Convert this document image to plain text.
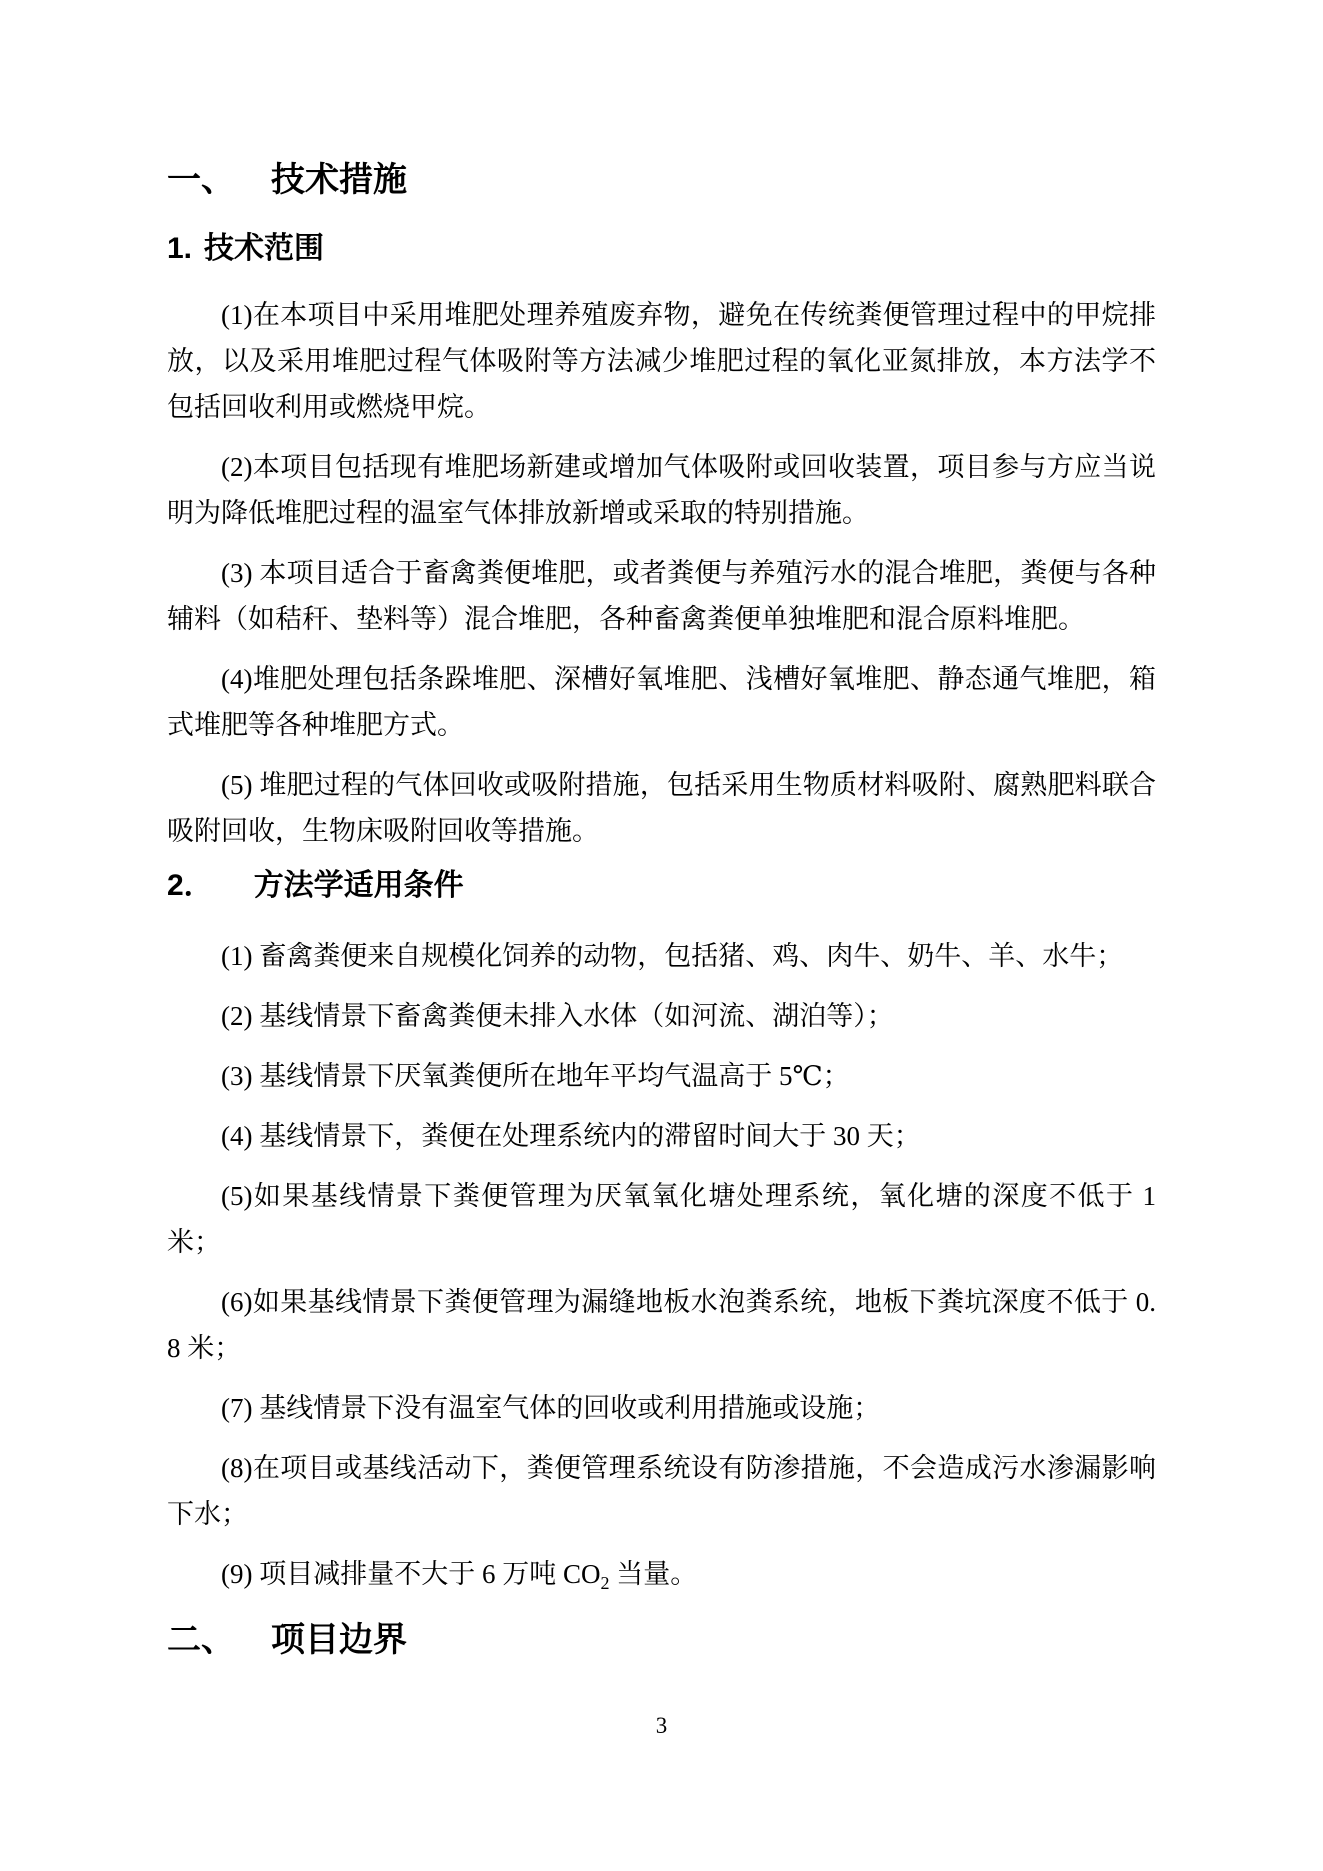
一、 技术措施
1. 技术范围

(1)在本项目中采用堆肥处理养殖废弃物，避免在传统粪便管理过程中的甲烷排放，以及采用堆肥过程气体吸附等方法减少堆肥过程的氧化亚氮排放，本方法学不包括回收利用或燃烧甲烷。

(2)本项目包括现有堆肥场新建或增加气体吸附或回收装置，项目参与方应当说明为降低堆肥过程的温室气体排放新增或采取的特别措施。

(3) 本项目适合于畜禽粪便堆肥，或者粪便与养殖污水的混合堆肥，粪便与各种辅料（如秸秆、垫料等）混合堆肥，各种畜禽粪便单独堆肥和混合原料堆肥。

(4)堆肥处理包括条跺堆肥、深槽好氧堆肥、浅槽好氧堆肥、静态通气堆肥，箱式堆肥等各种堆肥方式。

(5) 堆肥过程的气体回收或吸附措施，包括采用生物质材料吸附、腐熟肥料联合吸附回收，生物床吸附回收等措施。

2． 方法学适用条件

(1) 畜禽粪便来自规模化饲养的动物，包括猪、鸡、肉牛、奶牛、羊、水牛；

(2) 基线情景下畜禽粪便未排入水体（如河流、湖泊等）；

(3) 基线情景下厌氧粪便所在地年平均气温高于 5℃；

(4) 基线情景下，粪便在处理系统内的滞留时间大于 30 天；

(5)如果基线情景下粪便管理为厌氧氧化塘处理系统，氧化塘的深度不低于 1 米；

(6)如果基线情景下粪便管理为漏缝地板水泡粪系统，地板下粪坑深度不低于 0.8 米；

(7) 基线情景下没有温室气体的回收或利用措施或设施；

(8)在项目或基线活动下，粪便管理系统设有防渗措施，不会造成污水渗漏影响下水；

(9) 项目减排量不大于 6 万吨 $CO_2$ 当量。

二、 项目边界
3
